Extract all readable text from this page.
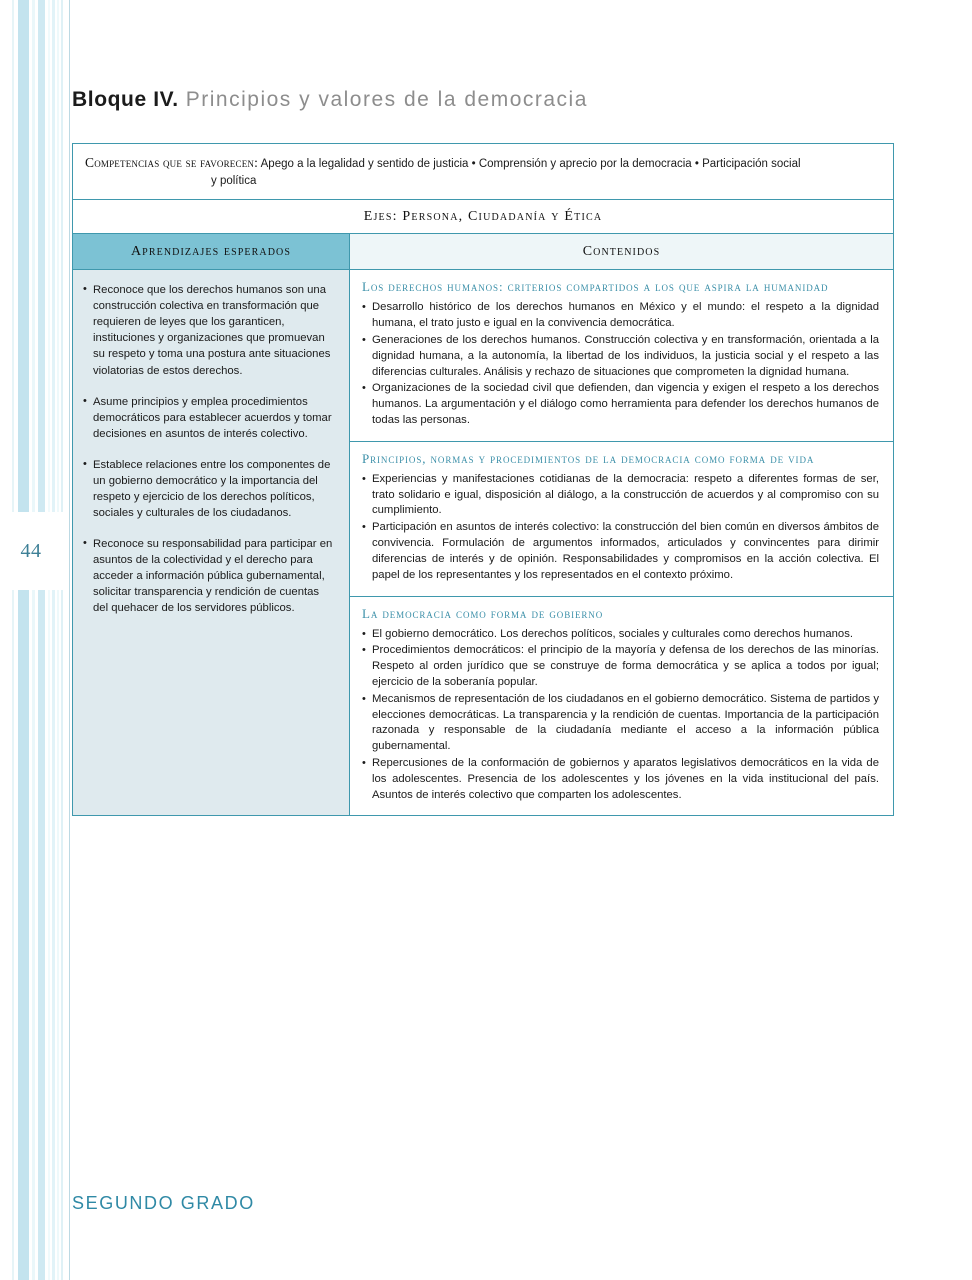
44
Bloque IV. Principios y valores de la democracia
Competencias que se favorecen: Apego a la legalidad y sentido de justicia • Comprensión y aprecio por la democracia • Participación social
y política
Ejes: Persona, Ciudadanía y Ética
Aprendizajes esperados	Contenidos
• Reconoce que los derechos humanos son una construcción colectiva en transformación que requieren de leyes que los garanticen, instituciones y organizaciones que promuevan su respeto y toma una postura ante situaciones violatorias de estos derechos.
• Asume principios y emplea procedimientos democráticos para establecer acuerdos y tomar decisiones en asuntos de interés colectivo.
• Establece relaciones entre los componentes de un gobierno democrático y la importancia del respeto y ejercicio de los derechos políticos, sociales y culturales de los ciudadanos.
• Reconoce su responsabilidad para participar en asuntos de la colectividad y el derecho para acceder a información pública gubernamental, solicitar transparencia y rendición de cuentas del quehacer de los servidores públicos.
Los derechos humanos: criterios compartidos a los que aspira la humanidad
• Desarrollo histórico de los derechos humanos en México y el mundo: el respeto a la dignidad humana, el trato justo e igual en la convivencia democrática.
• Generaciones de los derechos humanos. Construcción colectiva y en transformación, orientada a la dignidad humana, a la autonomía, la libertad de los individuos, la justicia social y el respeto a las diferencias culturales. Análisis y rechazo de situaciones que comprometen la dignidad humana.
• Organizaciones de la sociedad civil que defienden, dan vigencia y exigen el respeto a los derechos humanos. La argumentación y el diálogo como herramienta para defender los derechos humanos de todas las personas.
Principios, normas y procedimientos de la democracia como forma de vida
• Experiencias y manifestaciones cotidianas de la democracia: respeto a diferentes formas de ser, trato solidario e igual, disposición al diálogo, a la construcción de acuerdos y al compromiso con su cumplimiento.
• Participación en asuntos de interés colectivo: la construcción del bien común en diversos ámbitos de convivencia. Formulación de argumentos informados, articulados y convincentes para dirimir diferencias de interés y de opinión. Responsabilidades y compromisos en la acción colectiva. El papel de los representantes y los representados en el contexto próximo.
La democracia como forma de gobierno
• El gobierno democrático. Los derechos políticos, sociales y culturales como derechos humanos.
• Procedimientos democráticos: el principio de la mayoría y defensa de los derechos de las minorías. Respeto al orden jurídico que se construye de forma democrática y se aplica a todos por igual; ejercicio de la soberanía popular.
• Mecanismos de representación de los ciudadanos en el gobierno democrático. Sistema de partidos y elecciones democráticas. La transparencia y la rendición de cuentas. Importancia de la participación razonada y responsable de la ciudadanía mediante el acceso a la información pública gubernamental.
• Repercusiones de la conformación de gobiernos y aparatos legislativos democráticos en la vida de los adolescentes. Presencia de los adolescentes y los jóvenes en la vida institucional del país. Asuntos de interés colectivo que comparten los adolescentes.
SEGUNDO GRADO
